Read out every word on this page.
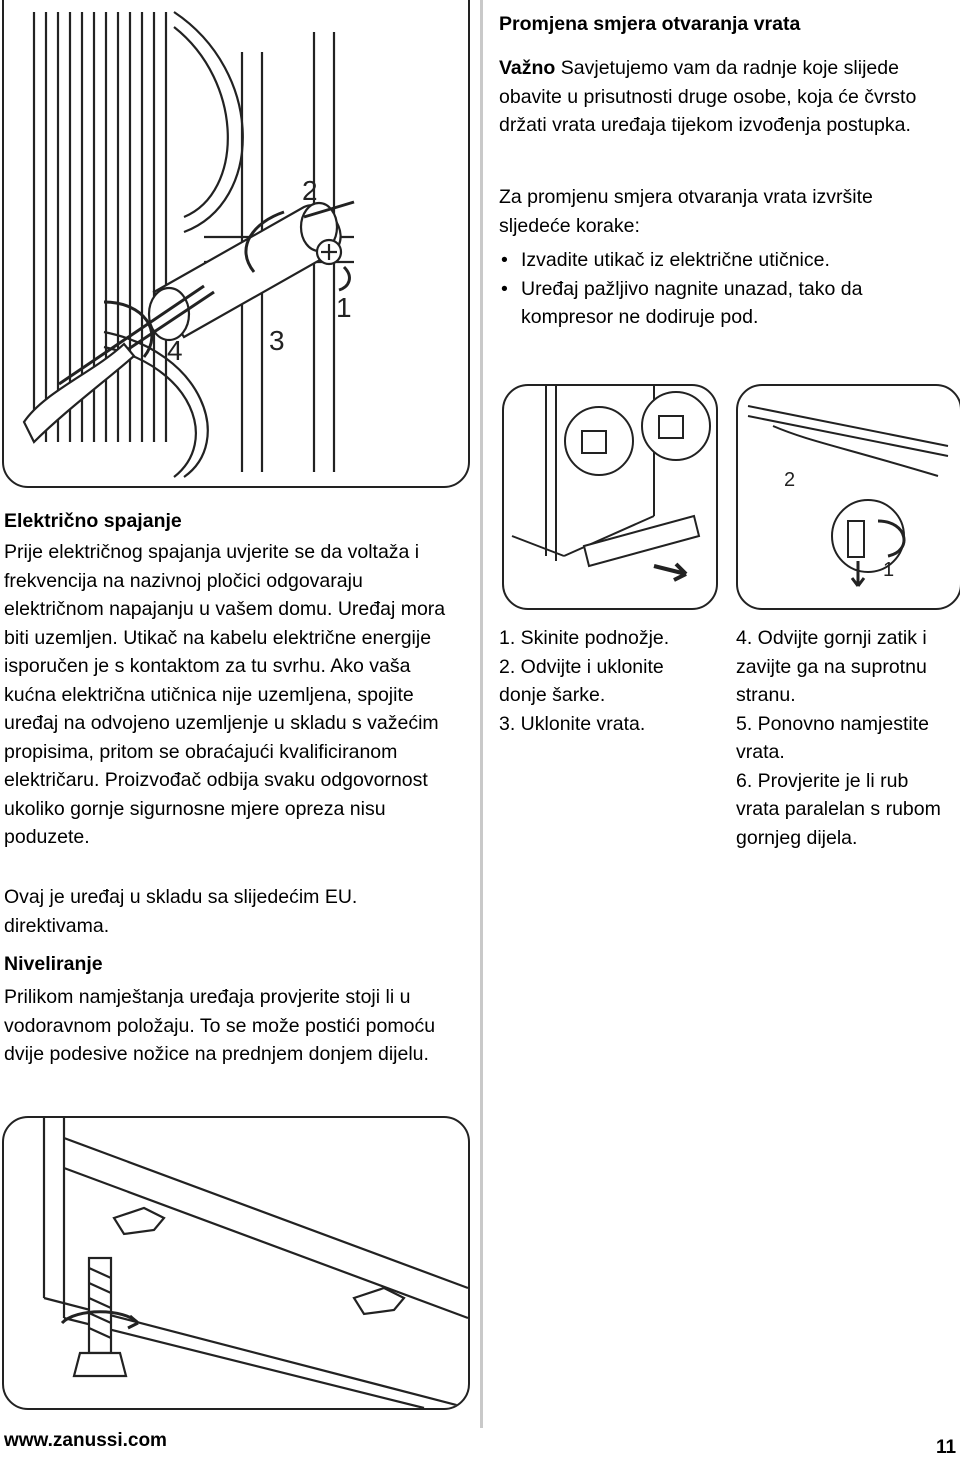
1
2
3
4
Promjena smjera otvaranja vrata
Važno Savjetujemo vam da radnje koje slijede obavite u prisutnosti druge osobe, koja će čvrsto držati vrata uređaja tijekom izvođenja postupka.
Za promjenu smjera otvaranja vrata izvršite sljedeće korake:
• Izvadite utikač iz električne utičnice.
• Uređaj pažljivo nagnite unazad, tako da kompresor ne dodiruje pod.
2
1
1. Skinite podnožje.
2. Odvijte i uklonite donje šarke.
3. Uklonite vrata.
4. Odvijte gornji zatik i zavijte ga na suprotnu stranu.
5. Ponovno namjestite vrata.
6. Provjerite je li rub vrata paralelan s rubom gornjeg dijela.
Električno spajanje
Prije električnog spajanja uvjerite se da voltaža i frekvencija na nazivnoj pločici odgovaraju električnom napajanju u vašem domu. Uređaj mora biti uzemljen. Utikač na kabelu električne energije isporučen je s kontaktom za tu svrhu. Ako vaša kućna električna utičnica nije uzemljena, spojite uređaj na odvojeno uzemljenje u skladu s važećim propisima, pritom se obraćajući kvalificiranom električaru. Proizvođač odbija svaku odgovornost ukoliko gornje sigurnosne mjere opreza nisu poduzete.
Ovaj je uređaj u skladu sa slijedećim EU. direktivama.
Niveliranje
Prilikom namještanja uređaja provjerite stoji li u vodoravnom položaju. To se može postići pomoću dvije podesive nožice na prednjem donjem dijelu.
www.zanussi.com	11
